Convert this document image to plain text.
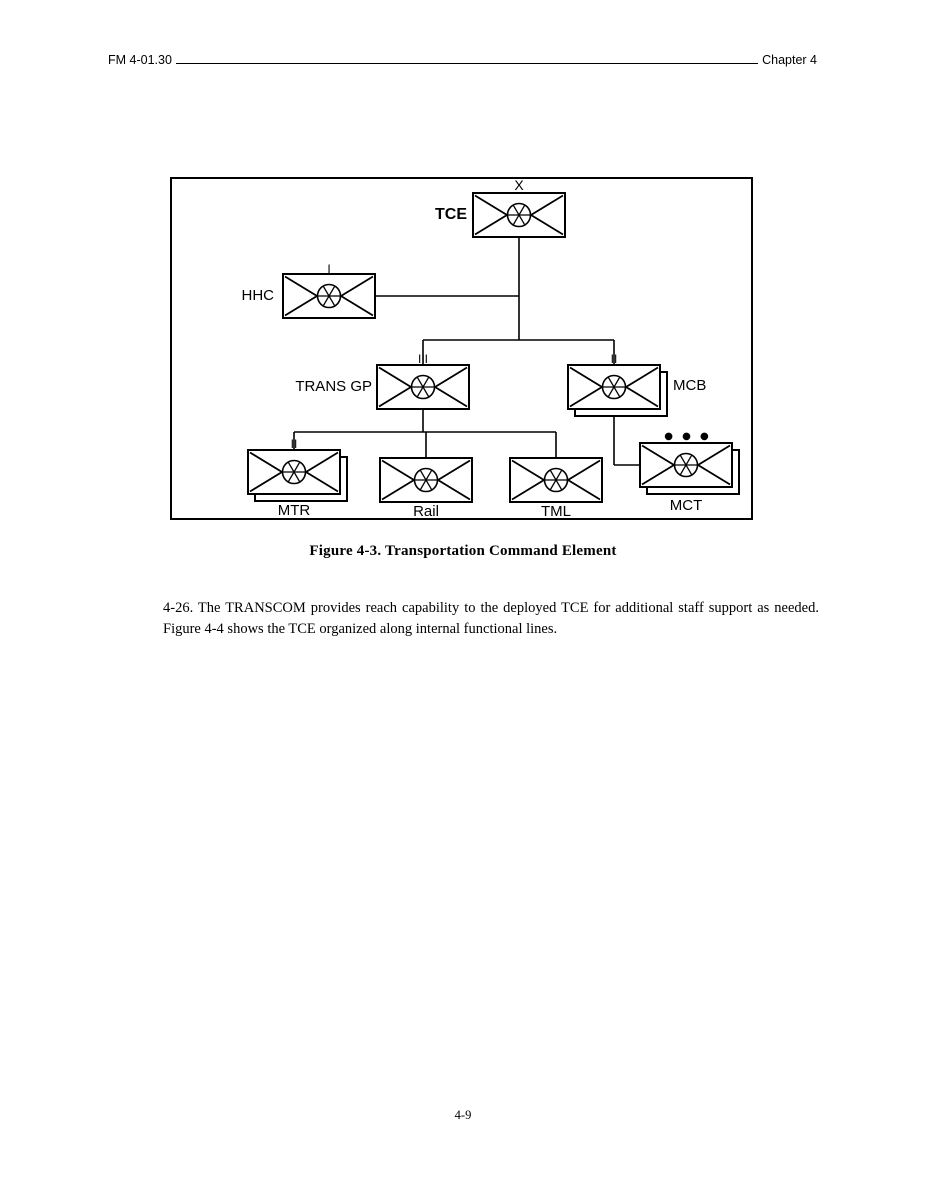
FM 4-01.30	Chapter 4
X
TCE
I
HHC
III
TRANS GP
II
MCB
II
MTR	Rail	TML
● ● ●
MCT
Figure 4-3. Transportation Command Element

4-26. The TRANSCOM provides reach capability to the deployed TCE for additional staff support as needed. Figure 4-4 shows the TCE organized along internal functional lines.

4-9
